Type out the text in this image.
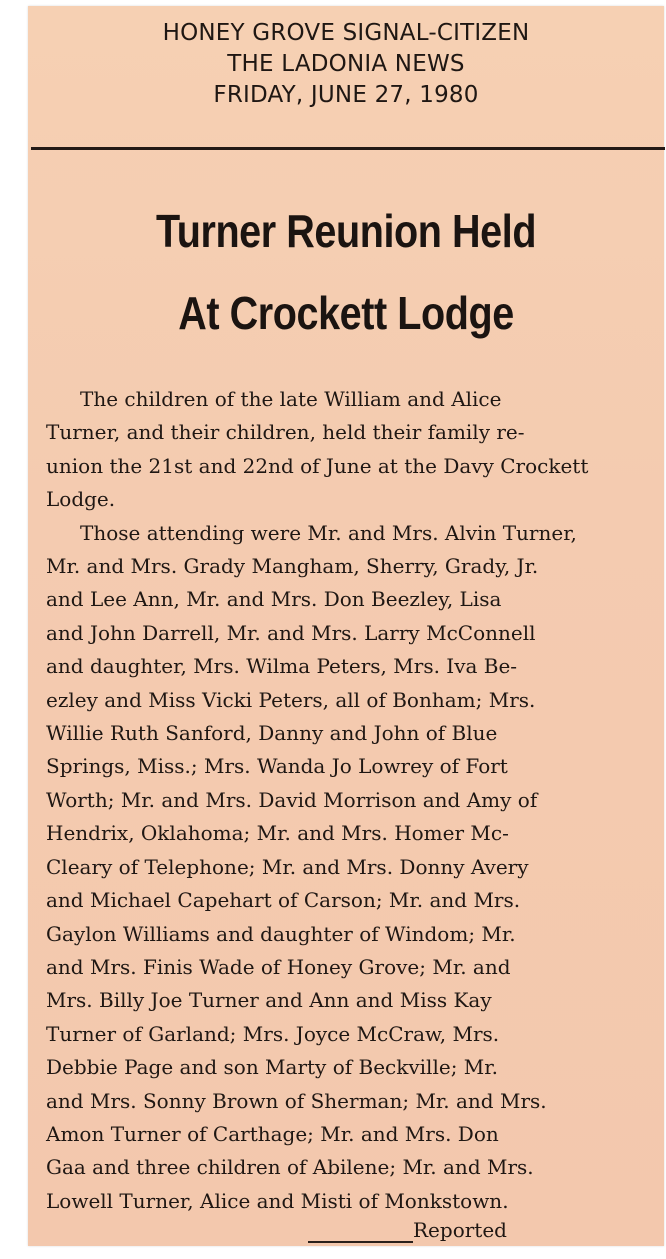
HONEY GROVE SIGNAL-CITIZEN
THE LADONIA NEWS
FRIDAY, JUNE 27, 1980
Turner Reunion Held
At Crockett Lodge
The children of the late William and Alice
Turner, and their children, held their family re-
union the 21st and 22nd of June at the Davy Crockett
Lodge.
Those attending were Mr. and Mrs. Alvin Turner,
Mr. and Mrs. Grady Mangham, Sherry, Grady, Jr.
and Lee Ann, Mr. and Mrs. Don Beezley, Lisa
and John Darrell, Mr. and Mrs. Larry McConnell
and daughter, Mrs. Wilma Peters, Mrs. Iva Be-
ezley and Miss Vicki Peters, all of Bonham; Mrs.
Willie Ruth Sanford, Danny and John of Blue
Springs, Miss.; Mrs. Wanda Jo Lowrey of Fort
Worth; Mr. and Mrs. David Morrison and Amy of
Hendrix, Oklahoma; Mr. and Mrs. Homer Mc-
Cleary of Telephone; Mr. and Mrs. Donny Avery
and Michael Capehart of Carson; Mr. and Mrs.
Gaylon Williams and daughter of Windom; Mr.
and Mrs. Finis Wade of Honey Grove; Mr. and
Mrs. Billy Joe Turner and Ann and Miss Kay
Turner of Garland; Mrs. Joyce McCraw, Mrs.
Debbie Page and son Marty of Beckville; Mr.
and Mrs. Sonny Brown of Sherman; Mr. and Mrs.
Amon Turner of Carthage; Mr. and Mrs. Don
Gaa and three children of Abilene; Mr. and Mrs.
Lowell Turner, Alice and Misti of Monkstown.
Reported
